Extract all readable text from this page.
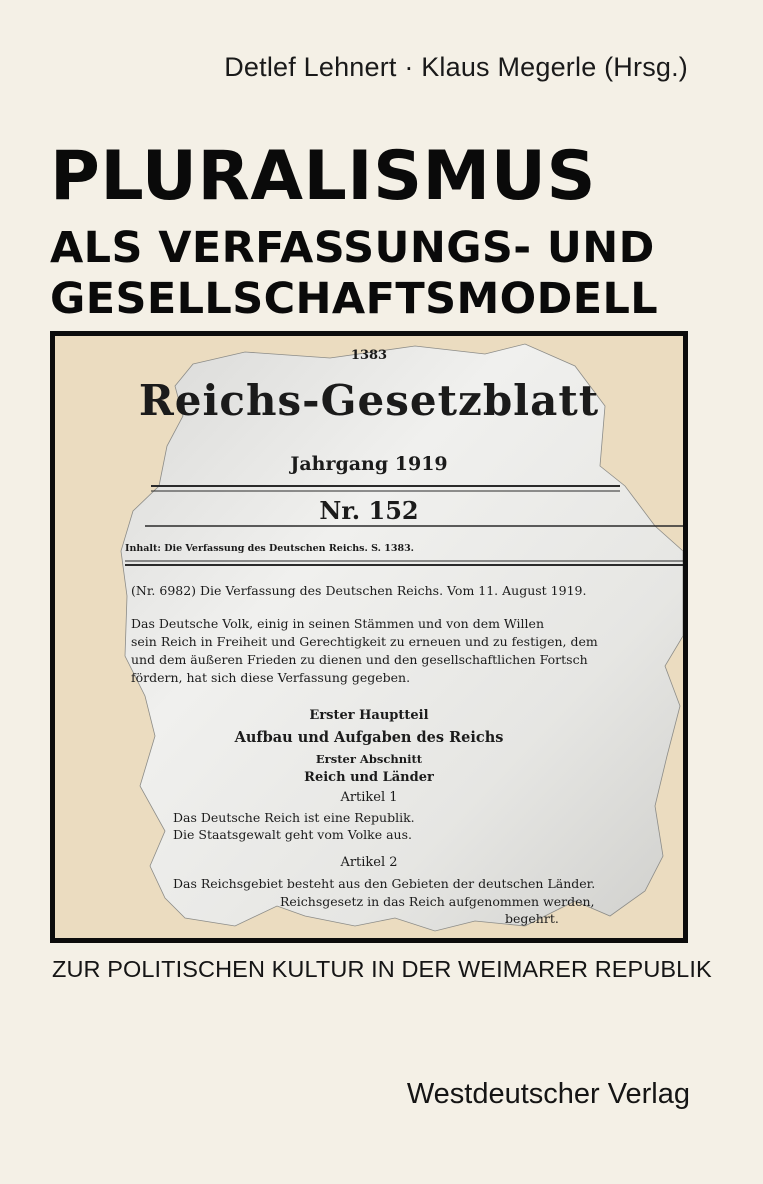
Detlef Lehnert · Klaus Megerle (Hrsg.)
PLURALISMUS
ALS VERFASSUNGS- UND
GESELLSCHAFTSMODELL
1383
Reichs-Gesetzblatt
Jahrgang 1919
Nr. 152
Inhalt: Die Verfassung des Deutschen Reichs. S. 1383.
(Nr. 6982) Die Verfassung des Deutschen Reichs. Vom 11. August 1919.
Das Deutsche Volk, einig in seinen Stämmen und von dem Willen
sein Reich in Freiheit und Gerechtigkeit zu erneuen und zu festigen, dem
und dem äußeren Frieden zu dienen und den gesellschaftlichen Fortsch
fördern, hat sich diese Verfassung gegeben.
Erster Hauptteil
Aufbau und Aufgaben des Reichs
Erster Abschnitt
Reich und Länder
Artikel 1
Das Deutsche Reich ist eine Republik.
Die Staatsgewalt geht vom Volke aus.
Artikel 2
Das Reichsgebiet besteht aus den Gebieten der deutschen Länder.
Reichsgesetz in das Reich aufgenommen werden,
begehrt.
ZUR POLITISCHEN KULTUR IN DER WEIMARER REPUBLIK
Westdeutscher Verlag
